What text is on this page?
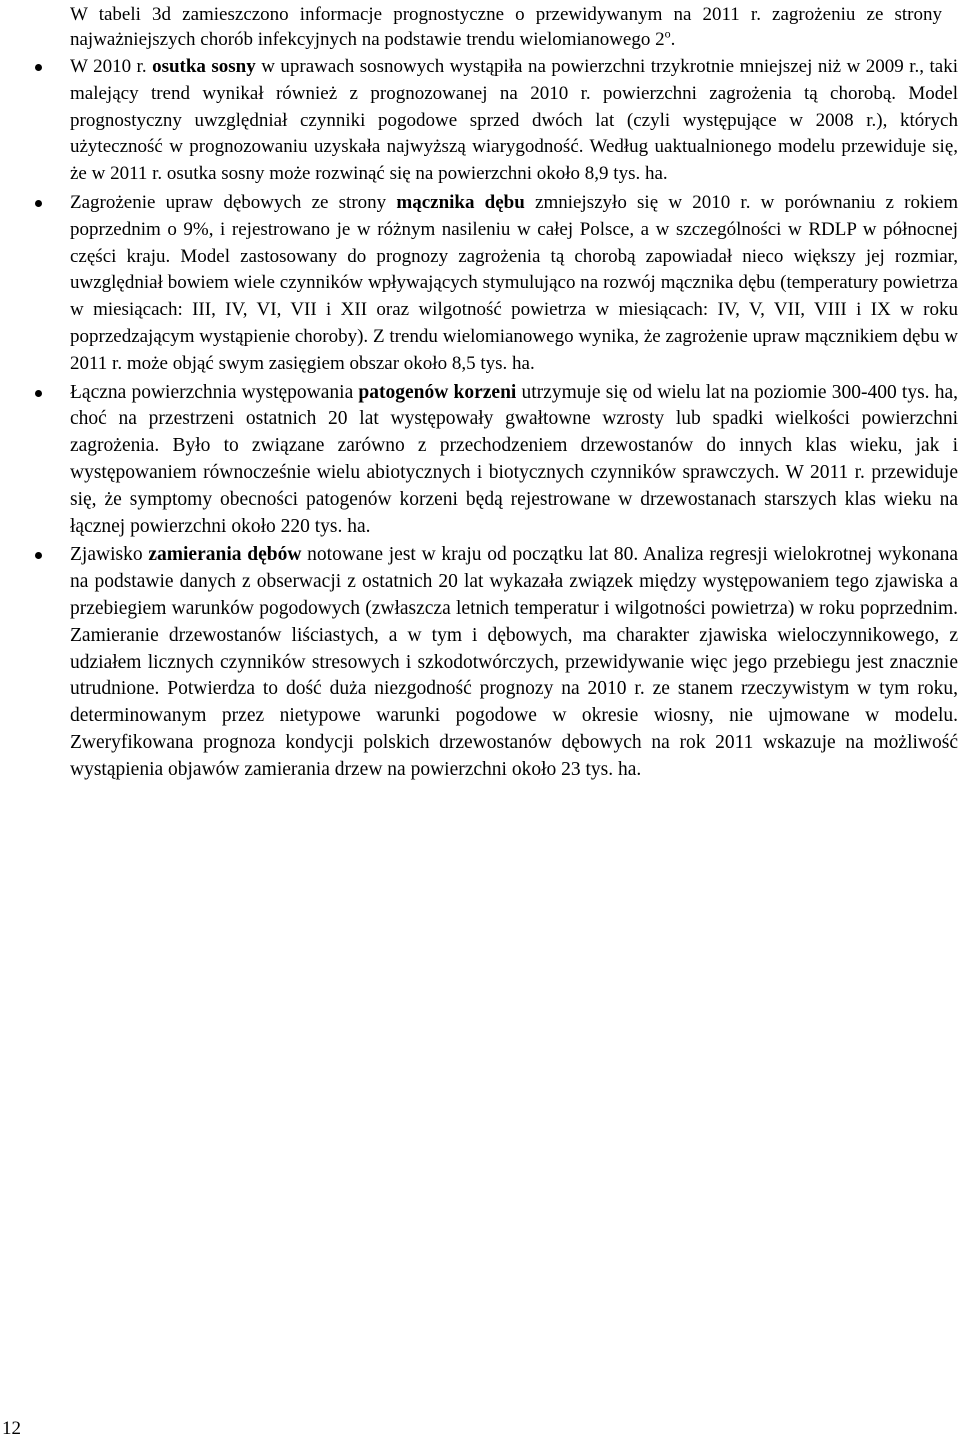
W tabeli 3d zamieszczono informacje prognostyczne o przewidywanym na 2011 r. zagrożeniu ze strony najważniejszych chorób infekcyjnych na podstawie trendu wielomianowego 2$^o$.

W 2010 r. osutka sosny w uprawach sosnowych wystąpiła na powierzchni trzykrotnie mniejszej niż w 2009 r., taki malejący trend wynikał również z prognozowanej na 2010 r. powierzchni zagrożenia tą chorobą. Model prognostyczny uwzględniał czynniki pogodowe sprzed dwóch lat (czyli występujące w 2008 r.), których użyteczność w prognozowaniu uzyskała najwyższą wiarygodność. Według uaktualnionego modelu przewiduje się, że w 2011 r. osutka sosny może rozwinąć się na powierzchni około 8,9 tys. ha.
Zagrożenie upraw dębowych ze strony mącznika dębu zmniejszyło się w 2010 r. w porównaniu z rokiem poprzednim o 9%, i rejestrowano je w różnym nasileniu w całej Polsce, a w szczególności w RDLP w północnej części kraju. Model zastosowany do prognozy zagrożenia tą chorobą zapowiadał nieco większy jej rozmiar, uwzględniał bowiem wiele czynników wpływających stymulująco na rozwój mącznika dębu (temperatury powietrza w miesiącach: III, IV, VI, VII i XII oraz wilgotność powietrza w miesiącach: IV, V, VII, VIII i IX w roku poprzedzającym wystąpienie choroby). Z trendu wielomianowego wynika, że zagrożenie upraw mącznikiem dębu w 2011 r. może objąć swym zasięgiem obszar około 8,5 tys. ha.
Łączna powierzchnia występowania patogenów korzeni utrzymuje się od wielu lat na poziomie 300-400 tys. ha, choć na przestrzeni ostatnich 20 lat występowały gwałtowne wzrosty lub spadki wielkości powierzchni zagrożenia. Było to związane zarówno z przechodzeniem drzewostanów do innych klas wieku, jak i występowaniem równocześnie wielu abiotycznych i biotycznych czynników sprawczych. W 2011 r. przewiduje się, że symptomy obecności patogenów korzeni będą rejestrowane w drzewostanach starszych klas wieku na łącznej powierzchni około 220 tys. ha.
Zjawisko zamierania dębów notowane jest w kraju od początku lat 80. Analiza regresji wielokrotnej wykonana na podstawie danych z obserwacji z ostatnich 20 lat wykazała związek między występowaniem tego zjawiska a przebiegiem warunków pogodowych (zwłaszcza letnich temperatur i wilgotności powietrza) w roku poprzednim. Zamieranie drzewostanów liściastych, a w tym i dębowych, ma charakter zjawiska wieloczynnikowego, z udziałem licznych czynników stresowych i szkodotwórczych, przewidywanie więc jego przebiegu jest znacznie utrudnione. Potwierdza to dość duża niezgodność prognozy na 2010 r. ze stanem rzeczywistym w tym roku, determinowanym przez nietypowe warunki pogodowe w okresie wiosny, nie ujmowane w modelu. Zweryfikowana prognoza kondycji polskich drzewostanów dębowych na rok 2011 wskazuje na możliwość wystąpienia objawów zamierania drzew na powierzchni około 23 tys. ha.
12
